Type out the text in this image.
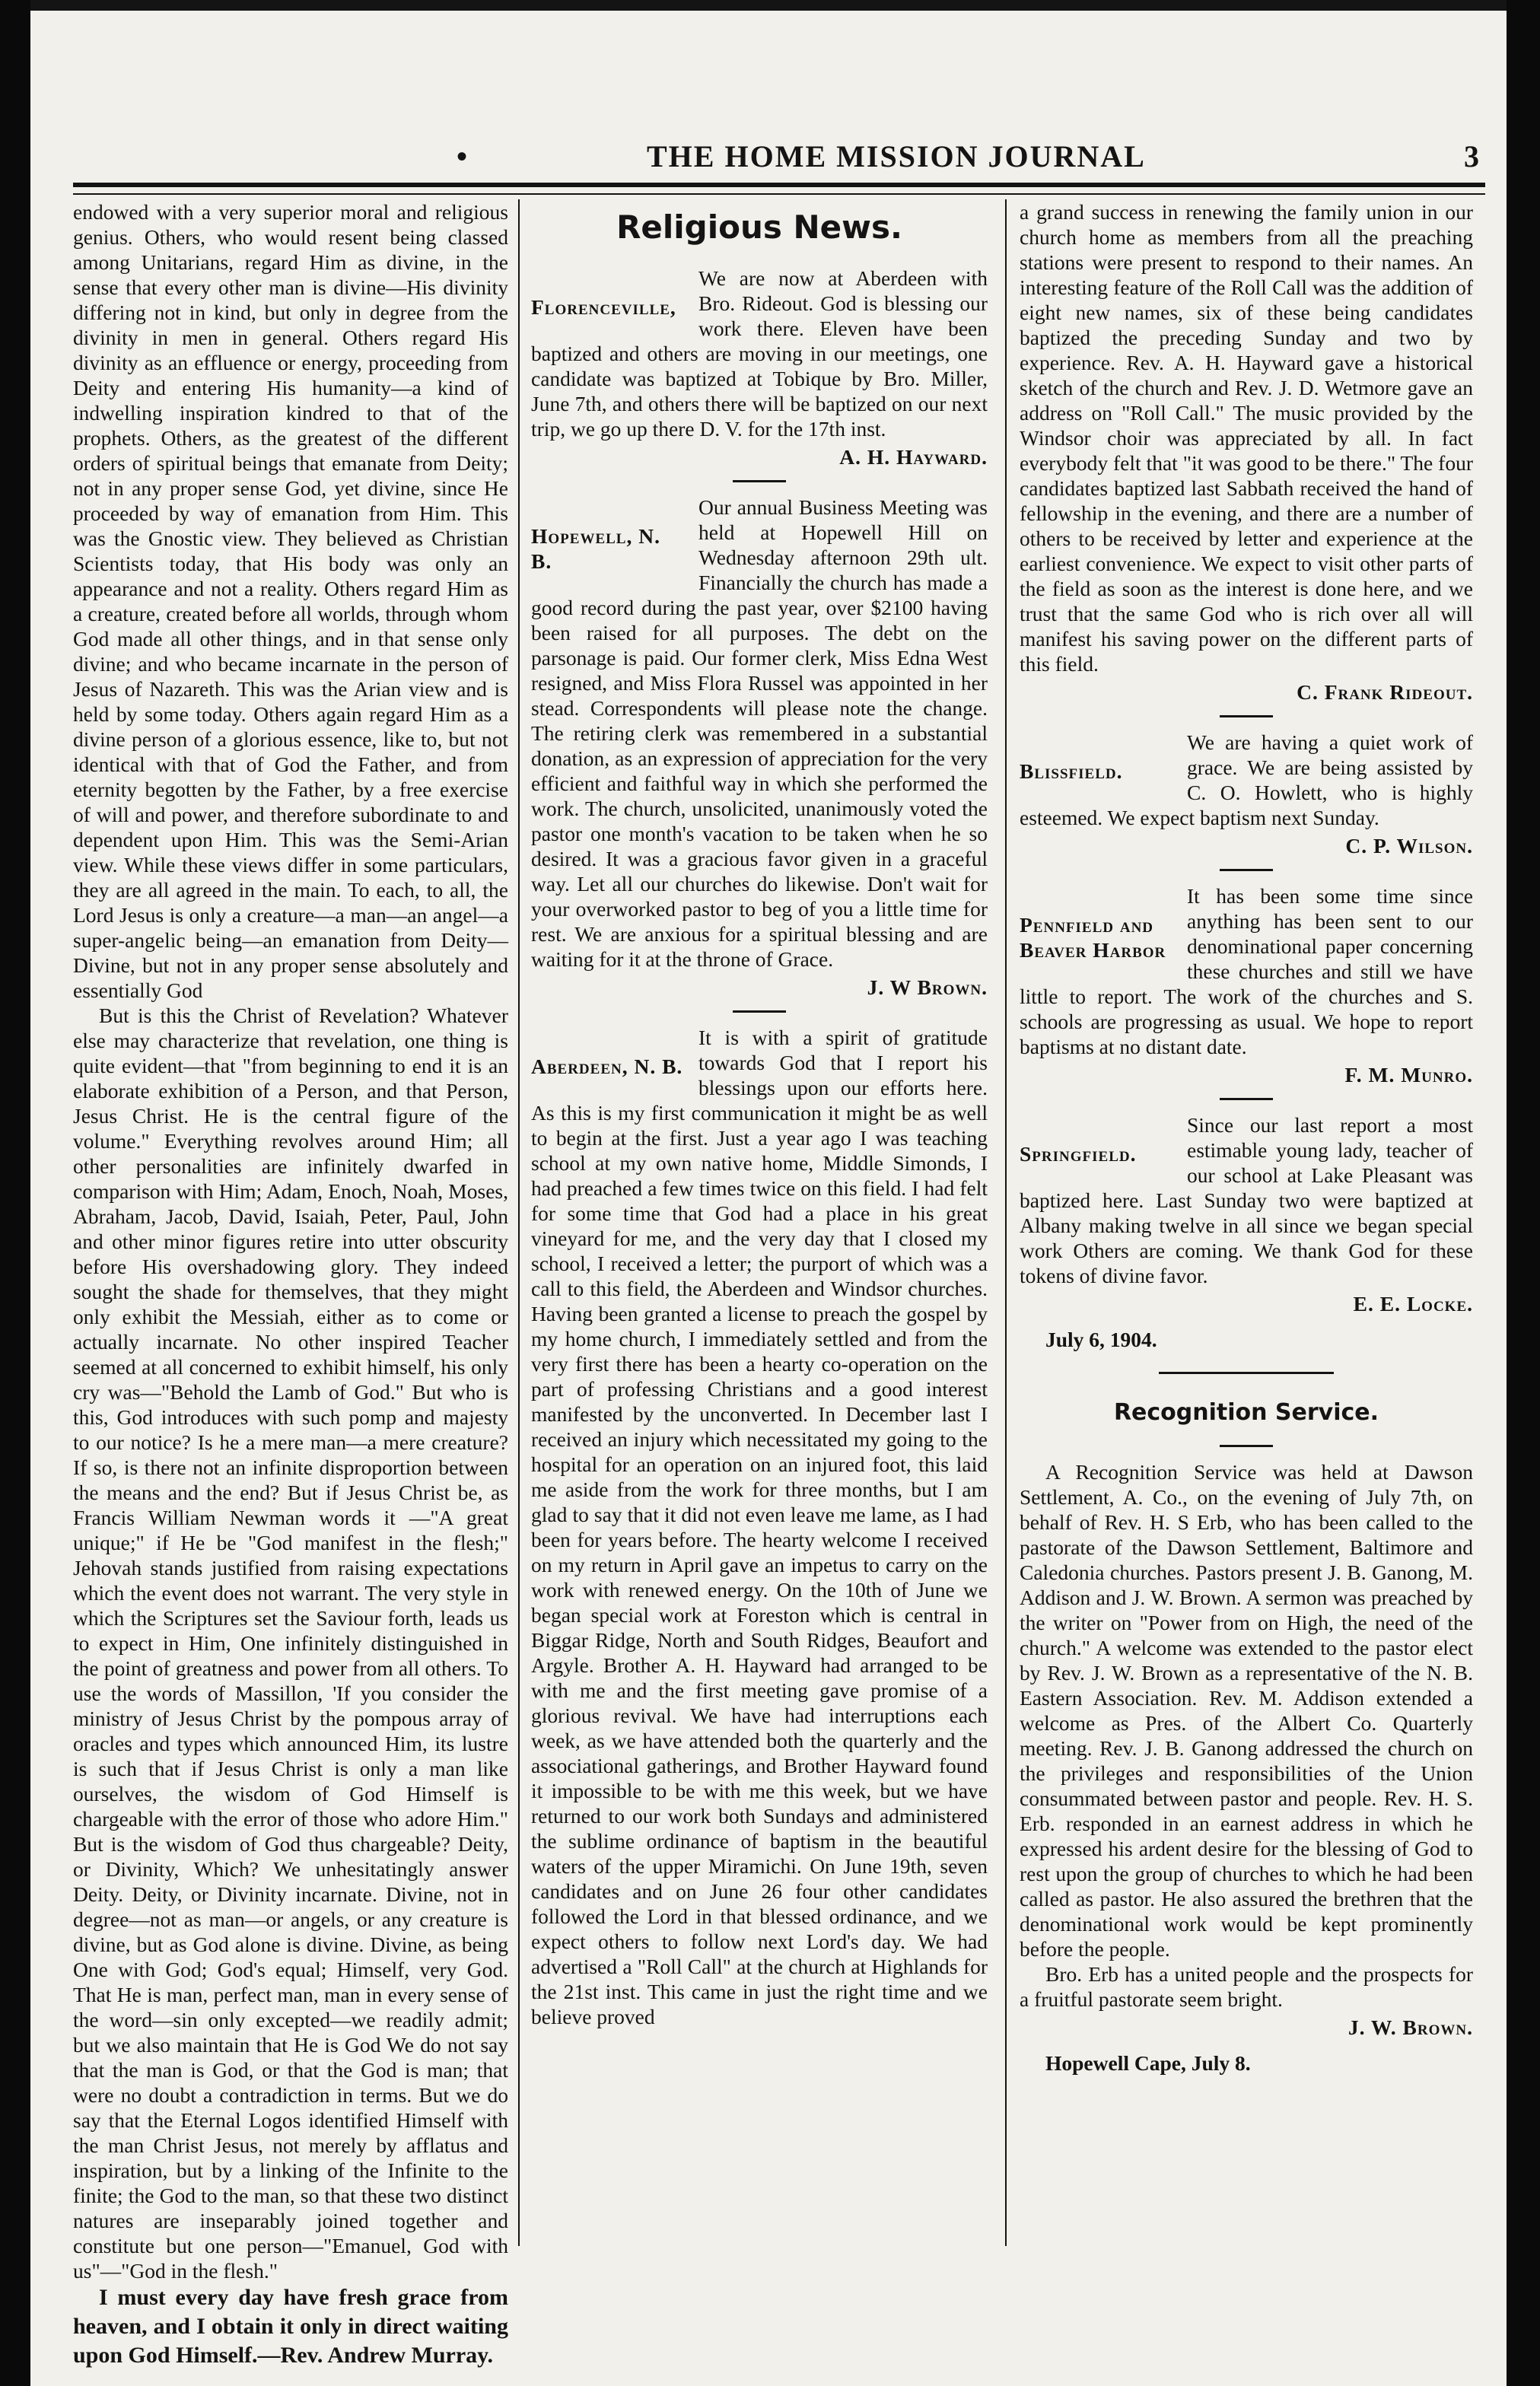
•	THE HOME MISSION JOURNAL	3

endowed with a very superior moral and religious genius. Others, who would resent being classed among Unitarians, regard Him as divine, in the sense that every other man is divine—His divinity differing not in kind, but only in degree from the divinity in men in general. Others regard His divinity as an effluence or energy, proceeding from Deity and entering His humanity—a kind of indwelling inspiration kindred to that of the prophets. Others, as the greatest of the different orders of spiritual beings that emanate from Deity; not in any proper sense God, yet divine, since He proceeded by way of emanation from Him. This was the Gnostic view. They believed as Christian Scientists today, that His body was only an appearance and not a reality. Others regard Him as a creature, created before all worlds, through whom God made all other things, and in that sense only divine; and who became incarnate in the person of Jesus of Nazareth. This was the Arian view and is held by some today. Others again regard Him as a divine person of a glorious essence, like to, but not identical with that of God the Father, and from eternity begotten by the Father, by a free exercise of will and power, and therefore subordinate to and dependent upon Him. This was the Semi-Arian view. While these views differ in some particulars, they are all agreed in the main. To each, to all, the Lord Jesus is only a creature—a man—an angel—a super-angelic being—an emanation from Deity—Divine, but not in any proper sense absolutely and essentially God

But is this the Christ of Revelation? Whatever else may characterize that revelation, one thing is quite evident—that "from beginning to end it is an elaborate exhibition of a Person, and that Person, Jesus Christ. He is the central figure of the volume." Everything revolves around Him; all other personalities are infinitely dwarfed in comparison with Him; Adam, Enoch, Noah, Moses, Abraham, Jacob, David, Isaiah, Peter, Paul, John and other minor figures retire into utter obscurity before His overshadowing glory. They indeed sought the shade for themselves, that they might only exhibit the Messiah, either as to come or actually incarnate. No other inspired Teacher seemed at all concerned to exhibit himself, his only cry was—"Behold the Lamb of God." But who is this, God introduces with such pomp and majesty to our notice? Is he a mere man—a mere creature? If so, is there not an infinite disproportion between the means and the end? But if Jesus Christ be, as Francis William Newman words it —"A great unique;" if He be "God manifest in the flesh;" Jehovah stands justified from raising expectations which the event does not warrant. The very style in which the Scriptures set the Saviour forth, leads us to expect in Him, One infinitely distinguished in the point of greatness and power from all others. To use the words of Massillon, 'If you consider the ministry of Jesus Christ by the pompous array of oracles and types which announced Him, its lustre is such that if Jesus Christ is only a man like ourselves, the wisdom of God Himself is chargeable with the error of those who adore Him." But is the wisdom of God thus chargeable? Deity, or Divinity, Which? We unhesitatingly answer Deity. Deity, or Divinity incarnate. Divine, not in degree—not as man—or angels, or any creature is divine, but as God alone is divine. Divine, as being One with God; God's equal; Himself, very God. That He is man, perfect man, man in every sense of the word—sin only excepted—we readily admit; but we also maintain that He is God We do not say that the man is God, or that the God is man; that were no doubt a contradiction in terms. But we do say that the Eternal Logos identified Himself with the man Christ Jesus, not merely by afflatus and inspiration, but by a linking of the Infinite to the finite; the God to the man, so that these two distinct natures are inseparably joined together and constitute but one person—"Emanuel, God with us"—"God in the flesh."

I must every day have fresh grace from heaven, and I obtain it only in direct waiting upon God Himself.—Rev. Andrew Murray.

Religious News.
Florenceville,

We are now at Aberdeen with Bro. Rideout. God is blessing our work there. Eleven have been baptized and others are moving in our meetings, one candidate was baptized at Tobique by Bro. Miller, June 7th, and others there will be baptized on our next trip, we go up there D. V. for the 17th inst.

A. H. Hayward.
Hopewell, N. B.

Our annual Business Meeting was held at Hopewell Hill on Wednesday afternoon 29th ult. Financially the church has made a good record during the past year, over $2100 having been raised for all purposes. The debt on the parsonage is paid. Our former clerk, Miss Edna West resigned, and Miss Flora Russel was appointed in her stead. Correspondents will please note the change. The retiring clerk was remembered in a substantial donation, as an expression of appreciation for the very efficient and faithful way in which she performed the work. The church, unsolicited, unanimously voted the pastor one month's vacation to be taken when he so desired. It was a gracious favor given in a graceful way. Let all our churches do likewise. Don't wait for your overworked pastor to beg of you a little time for rest. We are anxious for a spiritual blessing and are waiting for it at the throne of Grace.

J. W Brown.
Aberdeen, N. B.

It is with a spirit of gratitude towards God that I report his blessings upon our efforts here. As this is my first communication it might be as well to begin at the first. Just a year ago I was teaching school at my own native home, Middle Simonds, I had preached a few times twice on this field. I had felt for some time that God had a place in his great vineyard for me, and the very day that I closed my school, I received a letter; the purport of which was a call to this field, the Aberdeen and Windsor churches. Having been granted a license to preach the gospel by my home church, I immediately settled and from the very first there has been a hearty co-operation on the part of professing Christians and a good interest manifested by the unconverted. In December last I received an injury which necessitated my going to the hospital for an operation on an injured foot, this laid me aside from the work for three months, but I am glad to say that it did not even leave me lame, as I had been for years before. The hearty welcome I received on my return in April gave an impetus to carry on the work with renewed energy. On the 10th of June we began special work at Foreston which is central in Biggar Ridge, North and South Ridges, Beaufort and Argyle. Brother A. H. Hayward had arranged to be with me and the first meeting gave promise of a glorious revival. We have had interruptions each week, as we have attended both the quarterly and the associational gatherings, and Brother Hayward found it impossible to be with me this week, but we have returned to our work both Sundays and administered the sublime ordinance of baptism in the beautiful waters of the upper Miramichi. On June 19th, seven candidates and on June 26 four other candidates followed the Lord in that blessed ordinance, and we expect others to follow next Lord's day. We had advertised a "Roll Call" at the church at Highlands for the 21st inst. This came in just the right time and we believe proved

a grand success in renewing the family union in our church home as members from all the preaching stations were present to respond to their names. An interesting feature of the Roll Call was the addition of eight new names, six of these being candidates baptized the preceding Sunday and two by experience. Rev. A. H. Hayward gave a historical sketch of the church and Rev. J. D. Wetmore gave an address on "Roll Call." The music provided by the Windsor choir was appreciated by all. In fact everybody felt that "it was good to be there." The four candidates baptized last Sabbath received the hand of fellowship in the evening, and there are a number of others to be received by letter and experience at the earliest convenience. We expect to visit other parts of the field as soon as the interest is done here, and we trust that the same God who is rich over all will manifest his saving power on the different parts of this field.

C. Frank Rideout.
Blissfield.

We are having a quiet work of grace. We are being assisted by C. O. Howlett, who is highly esteemed. We expect baptism next Sunday.

C. P. Wilson.
Pennfield and Beaver Harbor

It has been some time since anything has been sent to our denominational paper concerning these churches and still we have little to report. The work of the churches and S. schools are progressing as usual. We hope to report baptisms at no distant date.

F. M. Munro.
Springfield.

Since our last report a most estimable young lady, teacher of our school at Lake Pleasant was baptized here. Last Sunday two were baptized at Albany making twelve in all since we began special work Others are coming. We thank God for these tokens of divine favor.

E. E. Locke.
July 6, 1904.
Recognition Service.

A Recognition Service was held at Dawson Settlement, A. Co., on the evening of July 7th, on behalf of Rev. H. S Erb, who has been called to the pastorate of the Dawson Settlement, Baltimore and Caledonia churches. Pastors present J. B. Ganong, M. Addison and J. W. Brown. A sermon was preached by the writer on "Power from on High, the need of the church." A welcome was extended to the pastor elect by Rev. J. W. Brown as a representative of the N. B. Eastern Association. Rev. M. Addison extended a welcome as Pres. of the Albert Co. Quarterly meeting. Rev. J. B. Ganong addressed the church on the privileges and responsibilities of the Union consummated between pastor and people. Rev. H. S. Erb. responded in an earnest address in which he expressed his ardent desire for the blessing of God to rest upon the group of churches to which he had been called as pastor. He also assured the brethren that the denominational work would be kept prominently before the people.

Bro. Erb has a united people and the prospects for a fruitful pastorate seem bright.

J. W. Brown.
Hopewell Cape, July 8.
